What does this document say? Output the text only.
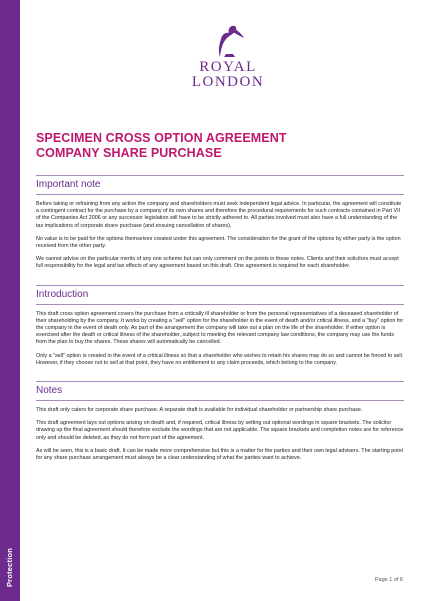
Protection
ROYAL
LONDON
SPECIMEN CROSS OPTION AGREEMENT
COMPANY SHARE PURCHASE
Important note

Before taking or refraining from any action the company and shareholders must seek independent legal advice. In particular, the agreement will constitute a contingent contract for the purchase by a company of its own shares and therefore the procedural requirements for such contracts contained in Part VII of the Companies Act 2006 or any successor legislation will have to be strictly adhered to. All parties involved must also have a full understanding of the tax implications of corporate share purchase (and ensuing cancellation of shares).

No value is to be paid for the options themselves created under this agreement. The consideration for the grant of the options by either party is the option received from the other party.

We cannot advise on the particular merits of any one scheme but can only comment on the points in these notes. Clients and their solicitors must accept full responsibility for the legal and tax effects of any agreement based on this draft. One agreement is required for each shareholder.

Introduction

This draft cross option agreement covers the purchase from a critically ill shareholder or from the personal representatives of a deceased shareholder of their shareholding by the company. It works by creating a "sell" option for the shareholder in the event of death and/or critical illness, and a "buy" option for the company in the event of death only. As part of the arrangement the company will take out a plan on the life of the shareholder. If either option is exercised after the death or critical illness of the shareholder, subject to meeting the relevant company law conditions, the company may use the funds from the plan to buy the shares. These shares will automatically be cancelled.

Only a "sell" option is created in the event of a critical illness so that a shareholder who wishes to retain his shares may do so and cannot be forced to sell. However, if they choose not to sell at that point, they have no entitlement to any claim proceeds, which belong to the company.

Notes

This draft only caters for corporate share purchase. A separate draft is available for individual shareholder or partnership share purchase.

This draft agreement lays out options arising on death and, if required, critical illness by setting out optional wordings in square brackets. The solicitor drawing up the final agreement should therefore exclude the wordings that are not applicable. The square brackets and completion notes are for reference only and should be deleted, as they do not form part of the agreement.

As will be seen, this is a basic draft. It can be made more comprehensive but this is a matter for the parties and their own legal advisers. The starting point for any share purchase arrangement must always be a clear understanding of what the parties want to achieve.

Page 1 of 6
